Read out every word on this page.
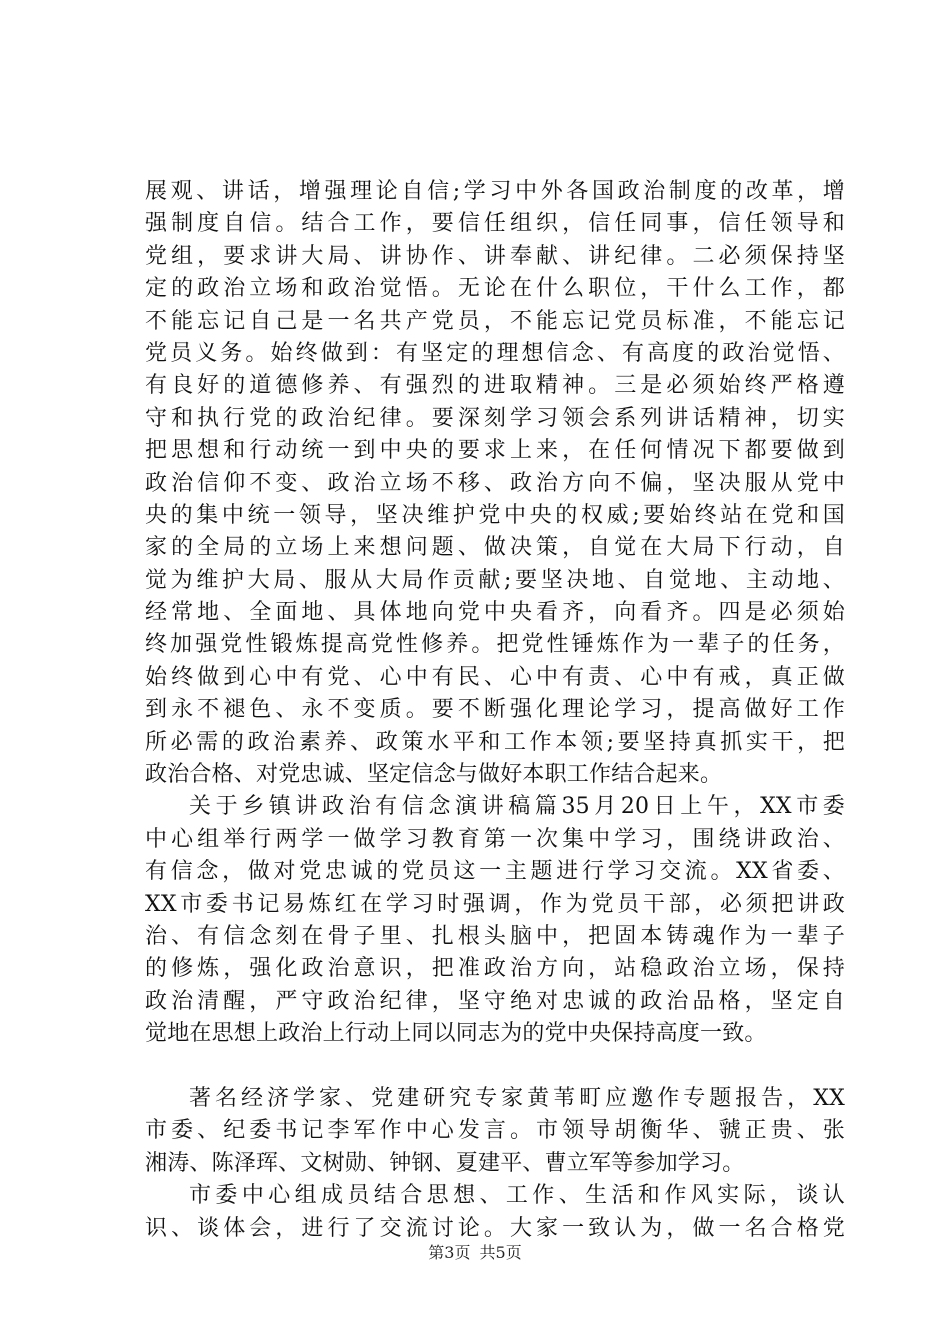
展观、讲话，增强理论自信;学习中外各国政治制度的改革，增
强制度自信。结合工作，要信任组织，信任同事，信任领导和
党组，要求讲大局、讲协作、讲奉献、讲纪律。二必须保持坚
定的政治立场和政治觉悟。无论在什么职位，干什么工作，都
不能忘记自己是一名共产党员，不能忘记党员标准，不能忘记
党员义务。始终做到：有坚定的理想信念、有高度的政治觉悟、
有良好的道德修养、有强烈的进取精神。三是必须始终严格遵
守和执行党的政治纪律。要深刻学习领会系列讲话精神，切实
把思想和行动统一到中央的要求上来，在任何情况下都要做到
政治信仰不变、政治立场不移、政治方向不偏，坚决服从党中
央的集中统一领导，坚决维护党中央的权威;要始终站在党和国
家的全局的立场上来想问题、做决策，自觉在大局下行动，自
觉为维护大局、服从大局作贡献;要坚决地、自觉地、主动地、
经常地、全面地、具体地向党中央看齐，向看齐。四是必须始
终加强党性锻炼提高党性修养。把党性锤炼作为一辈子的任务，
始终做到心中有党、心中有民、心中有责、心中有戒，真正做
到永不褪色、永不变质。要不断强化理论学习，提高做好工作
所必需的政治素养、政策水平和工作本领;要坚持真抓实干，把
政治合格、对党忠诚、坚定信念与做好本职工作结合起来。
关于乡镇讲政治有信念演讲稿篇35月20日上午，XX市委
中心组举行两学一做学习教育第一次集中学习，围绕讲政治、
有信念，做对党忠诚的党员这一主题进行学习交流。XX省委、
XX市委书记易炼红在学习时强调，作为党员干部，必须把讲政
治、有信念刻在骨子里、扎根头脑中，把固本铸魂作为一辈子
的修炼，强化政治意识，把准政治方向，站稳政治立场，保持
政治清醒，严守政治纪律，坚守绝对忠诚的政治品格，坚定自
觉地在思想上政治上行动上同以同志为的党中央保持高度一致。
著名经济学家、党建研究专家黄苇町应邀作专题报告，XX
市委、纪委书记李军作中心发言。市领导胡衡华、虢正贵、张
湘涛、陈泽珲、文树勋、钟钢、夏建平、曹立军等参加学习。
市委中心组成员结合思想、工作、生活和作风实际，谈认
识、谈体会，进行了交流讨论。大家一致认为，做一名合格党
第3页 共5页
